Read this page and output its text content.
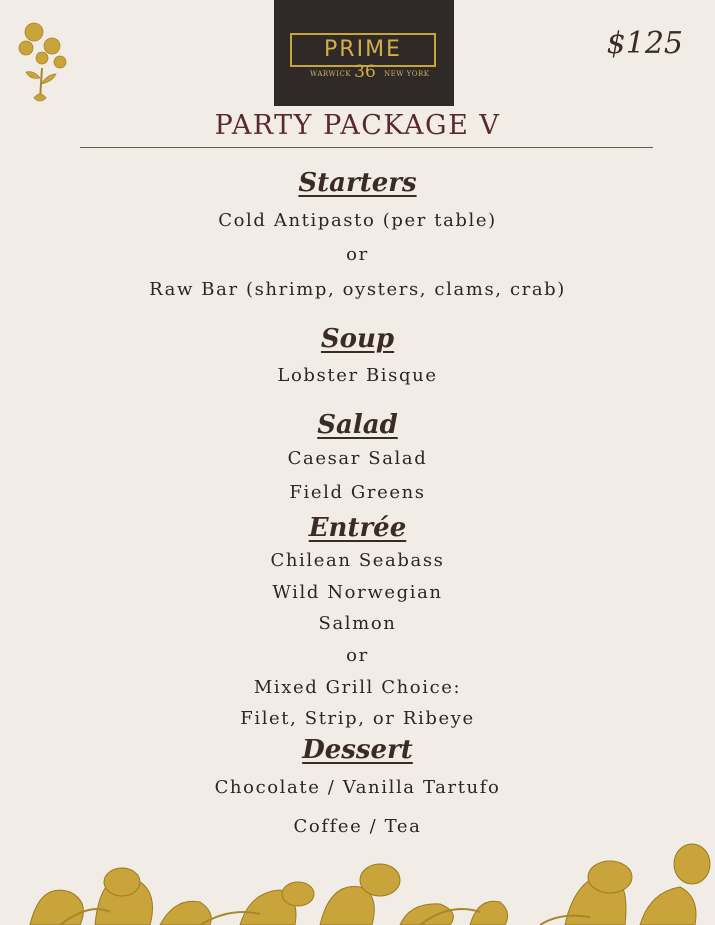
PRIME
36
WARWICK	NEW YORK
$125
PARTY PACKAGE V
Starters
Cold Antipasto (per table)
or
Raw Bar (shrimp, oysters, clams, crab)
Soup
Lobster Bisque
Salad
Caesar Salad
Field Greens
Entrée
Chilean Seabass
Wild Norwegian
Salmon
or
Mixed Grill Choice:
Filet, Strip, or Ribeye
Dessert
Chocolate / Vanilla Tartufo
Coffee / Tea
